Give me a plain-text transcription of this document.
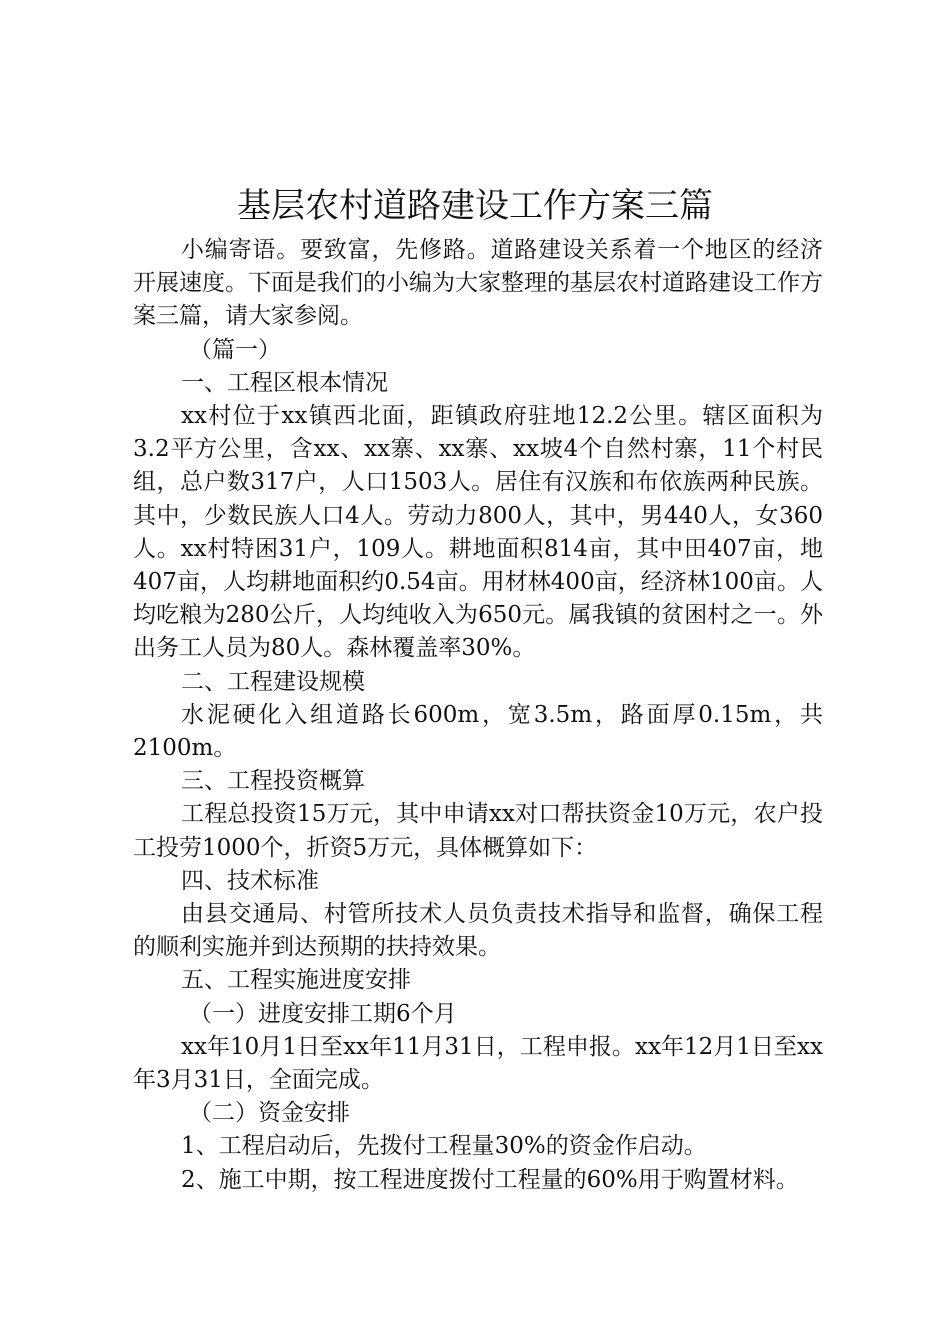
基层农村道路建设工作方案三篇

小编寄语。要致富，先修路。道路建设关系着一个地区的经济开展速度。下面是我们的小编为大家整理的基层农村道路建设工作方案三篇，请大家参阅。

（篇一）

一、工程区根本情况

xx村位于xx镇西北面，距镇政府驻地12.2公里。辖区面积为3.2平方公里，含xx、xx寨、xx寨、xx坡4个自然村寨，11个村民组，总户数317户，人口1503人。居住有汉族和布依族两种民族。其中，少数民族人口4人。劳动力800人，其中，男440人，女360人。xx村特困31户，109人。耕地面积814亩，其中田407亩，地407亩，人均耕地面积约0.54亩。用材林400亩，经济林100亩。人均吃粮为280公斤，人均纯收入为650元。属我镇的贫困村之一。外出务工人员为80人。森林覆盖率30%。

二、工程建设规模

水泥硬化入组道路长600m，宽3.5m，路面厚0.15m，共2100m。

三、工程投资概算

工程总投资15万元，其中申请xx对口帮扶资金10万元，农户投工投劳1000个，折资5万元，具体概算如下：

四、技术标准

由县交通局、村管所技术人员负责技术指导和监督，确保工程的顺利实施并到达预期的扶持效果。

五、工程实施进度安排

（一）进度安排工期6个月

xx年10月1日至xx年11月31日，工程申报。xx年12月1日至xx年3月31日，全面完成。

（二）资金安排

1、工程启动后，先拨付工程量30%的资金作启动。

2、施工中期，按工程进度拨付工程量的60%用于购置材料。
